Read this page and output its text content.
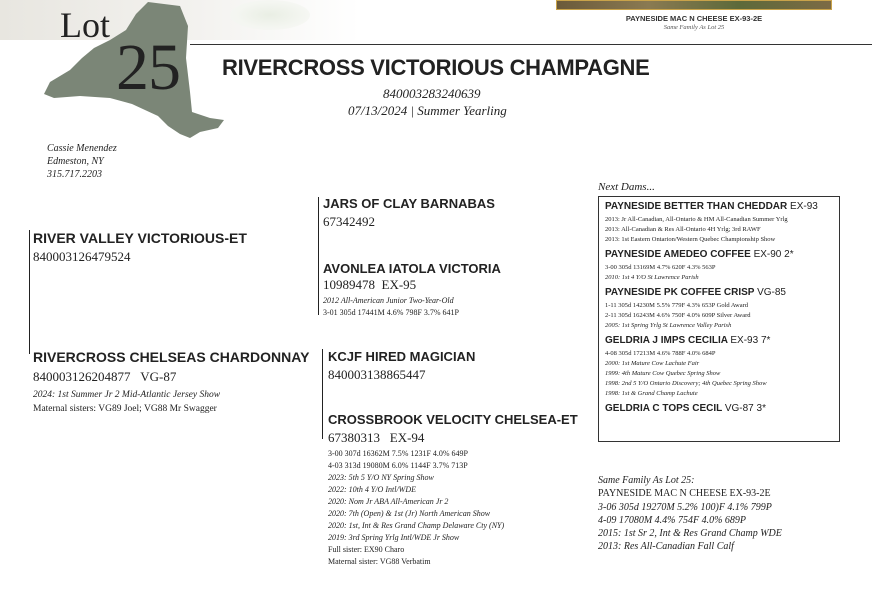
PAYNESIDE MAC N CHEESE EX-93-2E
Same Family As Lot 25
Lot
25 RIVERCROSS VICTORIOUS CHAMPAGNE
840003283240639
07/13/2024 | Summer Yearling
Cassie Menendez
Edmeston, NY
315.717.2203
RIVER VALLEY VICTORIOUS-ET
840003126479524
JARS OF CLAY BARNABAS
67342492
AVONLEA IATOLA VICTORIA
10989478 EX-95
2012 All-American Junior Two-Year-Old
3-01 305d 17441M 4.6% 798F 3.7% 641P
RIVERCROSS CHELSEAS CHARDONNAY
840003126204877 VG-87
2024: 1st Summer Jr 2 Mid-Atlantic Jersey Show
Maternal sisters: VG89 Joel; VG88 Mr Swagger
KCJF HIRED MAGICIAN
840003138865447
CROSSBROOK VELOCITY CHELSEA-ET
67380313 EX-94
3-00 307d 16362M 7.5% 1231F 4.0% 649P
4-03 313d 19080M 6.0% 1144F 3.7% 713P
2023: 5th 5 Y/O NY Spring Show
2022: 10th 4 Y/O Intl/WDE
2020: Nom Jr ABA All-American Jr 2
2020: 7th (Open) & 1st (Jr) North American Show
2020: 1st, Int & Res Grand Champ Delaware Cty (NY)
2019: 3rd Spring Yrlg Intl/WDE Jr Show
Full sister: EX90 Charo
Maternal sister: VG88 Verbatim
Next Dams...
PAYNESIDE BETTER THAN CHEDDAR EX-93
2013: Jr All-Canadian, All-Ontario & HM All-Canadian Summer Yrlg
2013: All-Canadian & Res All-Ontario 4H Yrlg; 3rd RAWF
2013: 1st Eastern Ontarion/Western Quebec Championship Show
PAYNESIDE AMEDEO COFFEE EX-90 2*
3-00 305d 13169M 4.7% 620F 4.3% 563P
2010: 1st 4 Y/O St Lawrence Parish
PAYNESIDE PK COFFEE CRISP VG-85
1-11 305d 14230M 5.5% 779F 4.3% 653P Gold Award
2-11 305d 16243M 4.6% 750F 4.0% 609P Silver Award
2005: 1st Spring Yrlg St Lawrence Valley Parish
GELDRIA J IMPS CECILIA EX-93 7*
4-08 305d 17213M 4.6% 788F 4.0% 684P
2000: 1st Mature Cow Lachute Fair
1999: 4th Mature Cow Quebec Spring Show
1998: 2nd 5 Y/O Ontario Discovery; 4th Quebec Spring Show
1998: 1st & Grand Champ Lachute
GELDRIA C TOPS CECIL VG-87 3*
Same Family As Lot 25:
PAYNESIDE MAC N CHEESE EX-93-2E
3-06 305d 19270M 5.2% 100)F 4.1% 799P
4-09 17080M 4.4% 754F 4.0% 689P
2015: 1st Sr 2, Int & Res Grand Champ WDE
2013: Res All-Canadian Fall Calf
